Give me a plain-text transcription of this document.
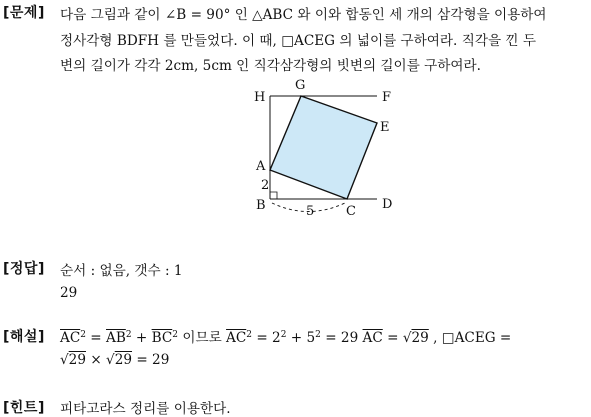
[문제] 다음 그림과 같이 ∠B = 90° 인 △ABC 와 이와 합동인 세 개의 삼각형을 이용하여
정사각형 BDFH 를 만들었다. 이 때, □ACEG 의 넓이를 구하여라. 직각을 낀 두
변의 길이가 각각 2cm, 5cm 인 직각삼각형의 빗변의 길이를 구하여라.
H
G
F
E
A
B	C D
2
5
[정답] 순서 : 없음, 갯수 : 1
29
[해설] $\overline{AC}^2 = \overline{AB}^2 + \overline{BC}^2$ 이므로 $\overline{AC}^2 = 2^2 + 5^2 = 29$ $\overline{AC} = √29$ , □ACEG =
√29 × √29 = 29
[힌트] 피타고라스 정리를 이용한다.
